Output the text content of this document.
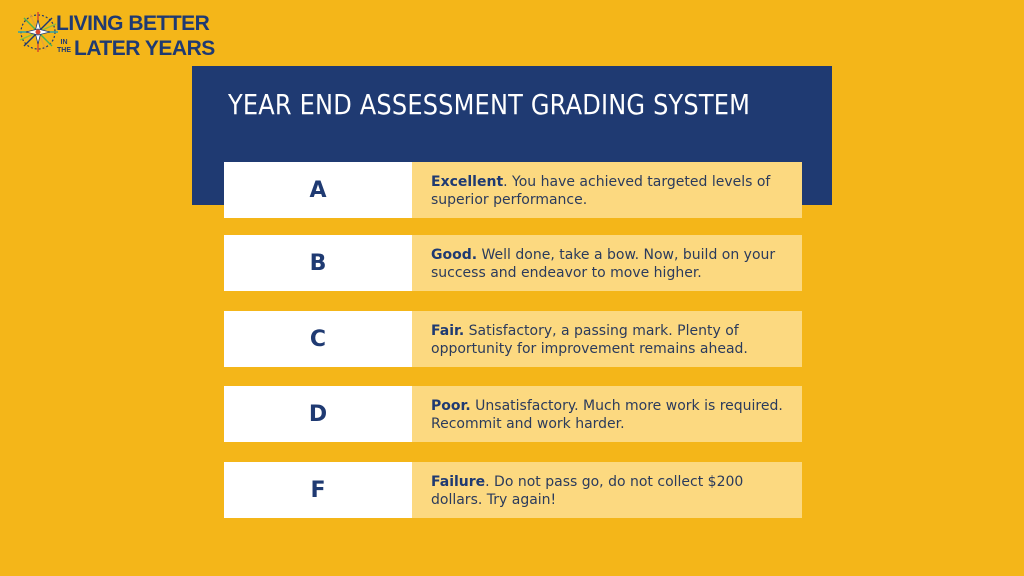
LIVING BETTER
IN
THE LATER YEARS
YEAR END ASSESSMENT GRADING SYSTEM
A	Excellent. You have achieved targeted levels of superior performance.
B	Good. Well done, take a bow. Now, build on your success and endeavor to move higher.
C	Fair. Satisfactory, a passing mark. Plenty of opportunity for improvement remains ahead.
D	Poor. Unsatisfactory. Much more work is required. Recommit and work harder.
F	Failure. Do not pass go, do not collect $200 dollars. Try again!
